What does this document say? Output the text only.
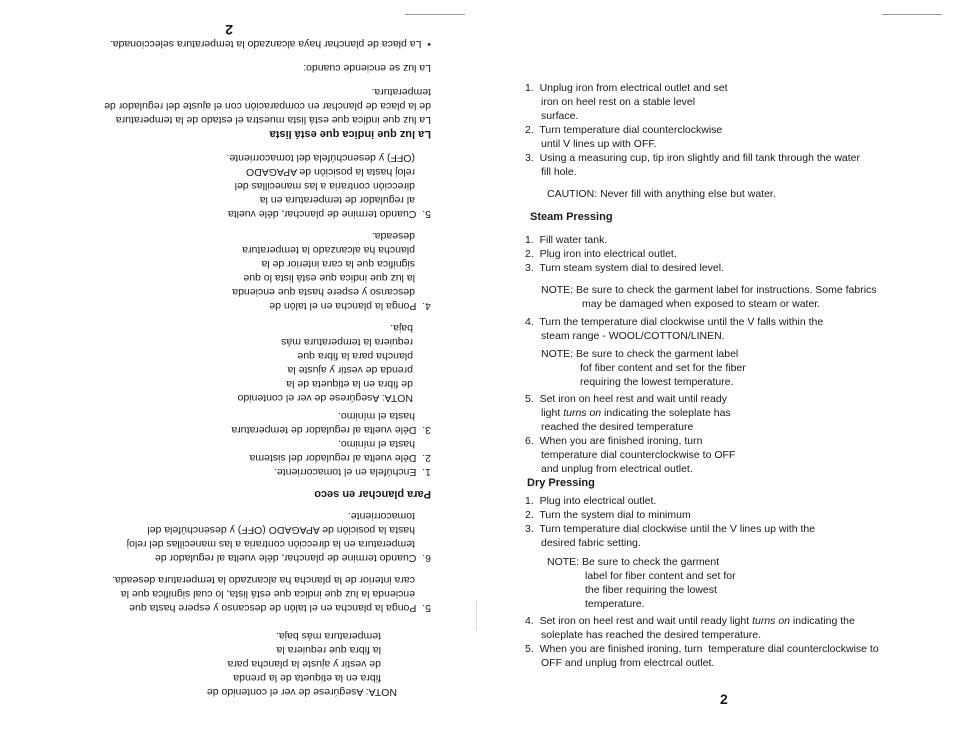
2
NOTA: Asegúrese de ver el contenido de
fibra en la etiqueta de la prenda
de vestir y ajuste la plancha para
la fibra que requiera la
temperatura más baja.
5.  Ponga la plancha en el talón de descanso y espere hasta que
encienda la luz que indica que está lista, lo cual significa que la
cara interior de la plancha ha alcanzado la temperatura deseada.
6.  Cuando termine de planchar, déle vuelta al regulador de
temperatura en la dirección contraria a las manecillas del reloj
hasta la posición de APAGADO (OFF) y desenchúfela del
tomacorriente.
Para planchar en seco
1.  Enchúfela en el tomacorriente.
2.  Déle vuelta al regulador del sistema
hasta el mínimo.
3.  Déle vuelta al regulador de temperatura
hasta el mínimo.
NOTA: Asegúrese de ver el contenido
de fibra en la etiqueta de la
prenda de vestir y ajuste la
plancha para la fibra que
requiera la temperatura más
baja.
4.  Ponga la plancha en el talón de
descanso y espere hasta que encienda
la luz que indica que está lista lo que
significa que la cara interior de la
plancha ha alcanzado la temperatura
deseada.
5.  Cuando termine de planchar, déle vuelta
al regulador de temperatura en la
dirección contraria a las manecillas del
reloj hasta la posición de APAGADO
(OFF) y desenchúfela del tomacorriente.
La luz que indica que está lista
La luz que indica que está lista muestra el estado de la temperatura
de la placa de planchar en comparación con el ajuste del regulador de
temperatura.
La luz se enciende cuando:
•  La placa de planchar haya alcanzado la temperatura seleccionada.
1.  Unplug iron from electrical outlet and set
iron on heel rest on a stable level
surface.
2.  Turn temperature dial counterclockwise
until V lines up with OFF.
3.  Using a measuring cup, tip iron slightly and fill tank through the water
fill hole.
CAUTION: Never fill with anything else but water.
Steam Pressing
1.  Fill water tank.
2.  Plug iron into electrical outlet.
3.  Turn steam system dial to desired level.
NOTE: Be sure to check the garment label for instructions. Some fabrics
may be damaged when exposed to steam or water.
4.  Turn the temperature dial clockwise until the V falls within the
steam range - WOOL/COTTON/LINEN.
NOTE: Be sure to check the garment label
fof fiber content and set for the fiber
requiring the lowest temperature.
5.  Set iron on heel rest and wait until ready
light turns on indicating the soleplate has
reached the desired temperature
6.  When you are finished ironing, turn
temperature dial counterclockwise to OFF
and unplug from electrical outlet.
Dry Pressing
1.  Plug into electrical outlet.
2.  Turn the system dial to minimum
3.  Turn temperature dial clockwise until the V lines up with the
desired fabric setting.
NOTE: Be sure to check the garment
label for fiber content and set for
the fiber requiring the lowest
temperature.
4.  Set iron on heel rest and wait until ready light turns on indicating the
soleplate has reached the desired temperature.
5.  When you are finished ironing, turn  temperature dial counterclockwise to
OFF and unplug from electrcal outlet.
2
